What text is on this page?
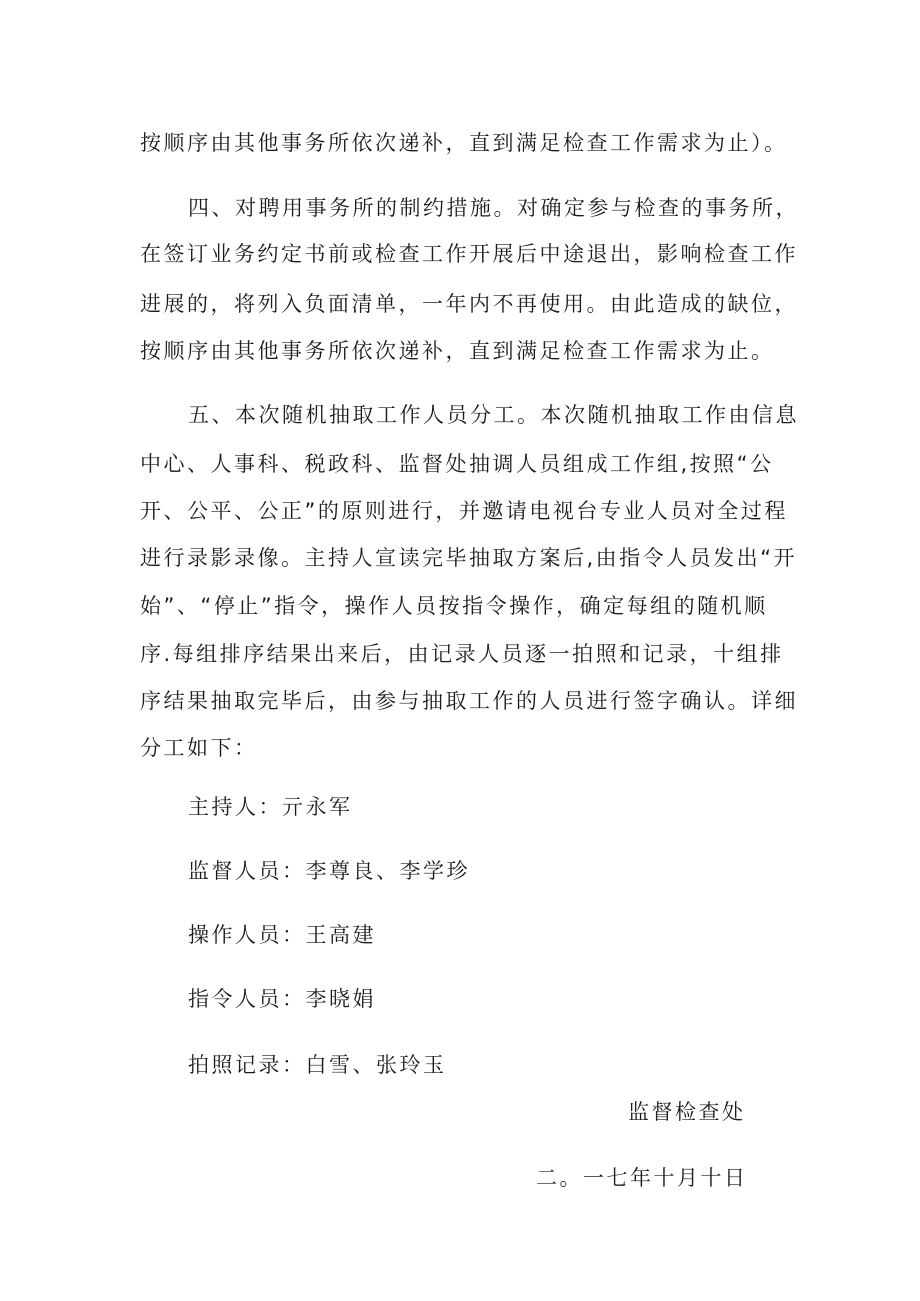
按顺序由其他事务所依次递补，直到满足检查工作需求为止）。
四、对聘用事务所的制约措施。对确定参与检查的事务所，
在签订业务约定书前或检查工作开展后中途退出，影响检查工作
进展的，将列入负面清单，一年内不再使用。由此造成的缺位，
按顺序由其他事务所依次递补，直到满足检查工作需求为止。
五、本次随机抽取工作人员分工。本次随机抽取工作由信息
中心、人事科、税政科、监督处抽调人员组成工作组,按照“公
开、公平、公正”的原则进行，并邀请电视台专业人员对全过程
进行录影录像。主持人宣读完毕抽取方案后,由指令人员发出“开
始”、“停止”指令，操作人员按指令操作，确定每组的随机顺
序.每组排序结果出来后，由记录人员逐一拍照和记录，十组排
序结果抽取完毕后，由参与抽取工作的人员进行签字确认。详细
分工如下：
主持人：亓永军
监督人员：李尊良、李学珍
操作人员：王高建
指令人员：李晓娟
拍照记录：白雪、张玲玉
监督检查处
二。一七年十月十日
